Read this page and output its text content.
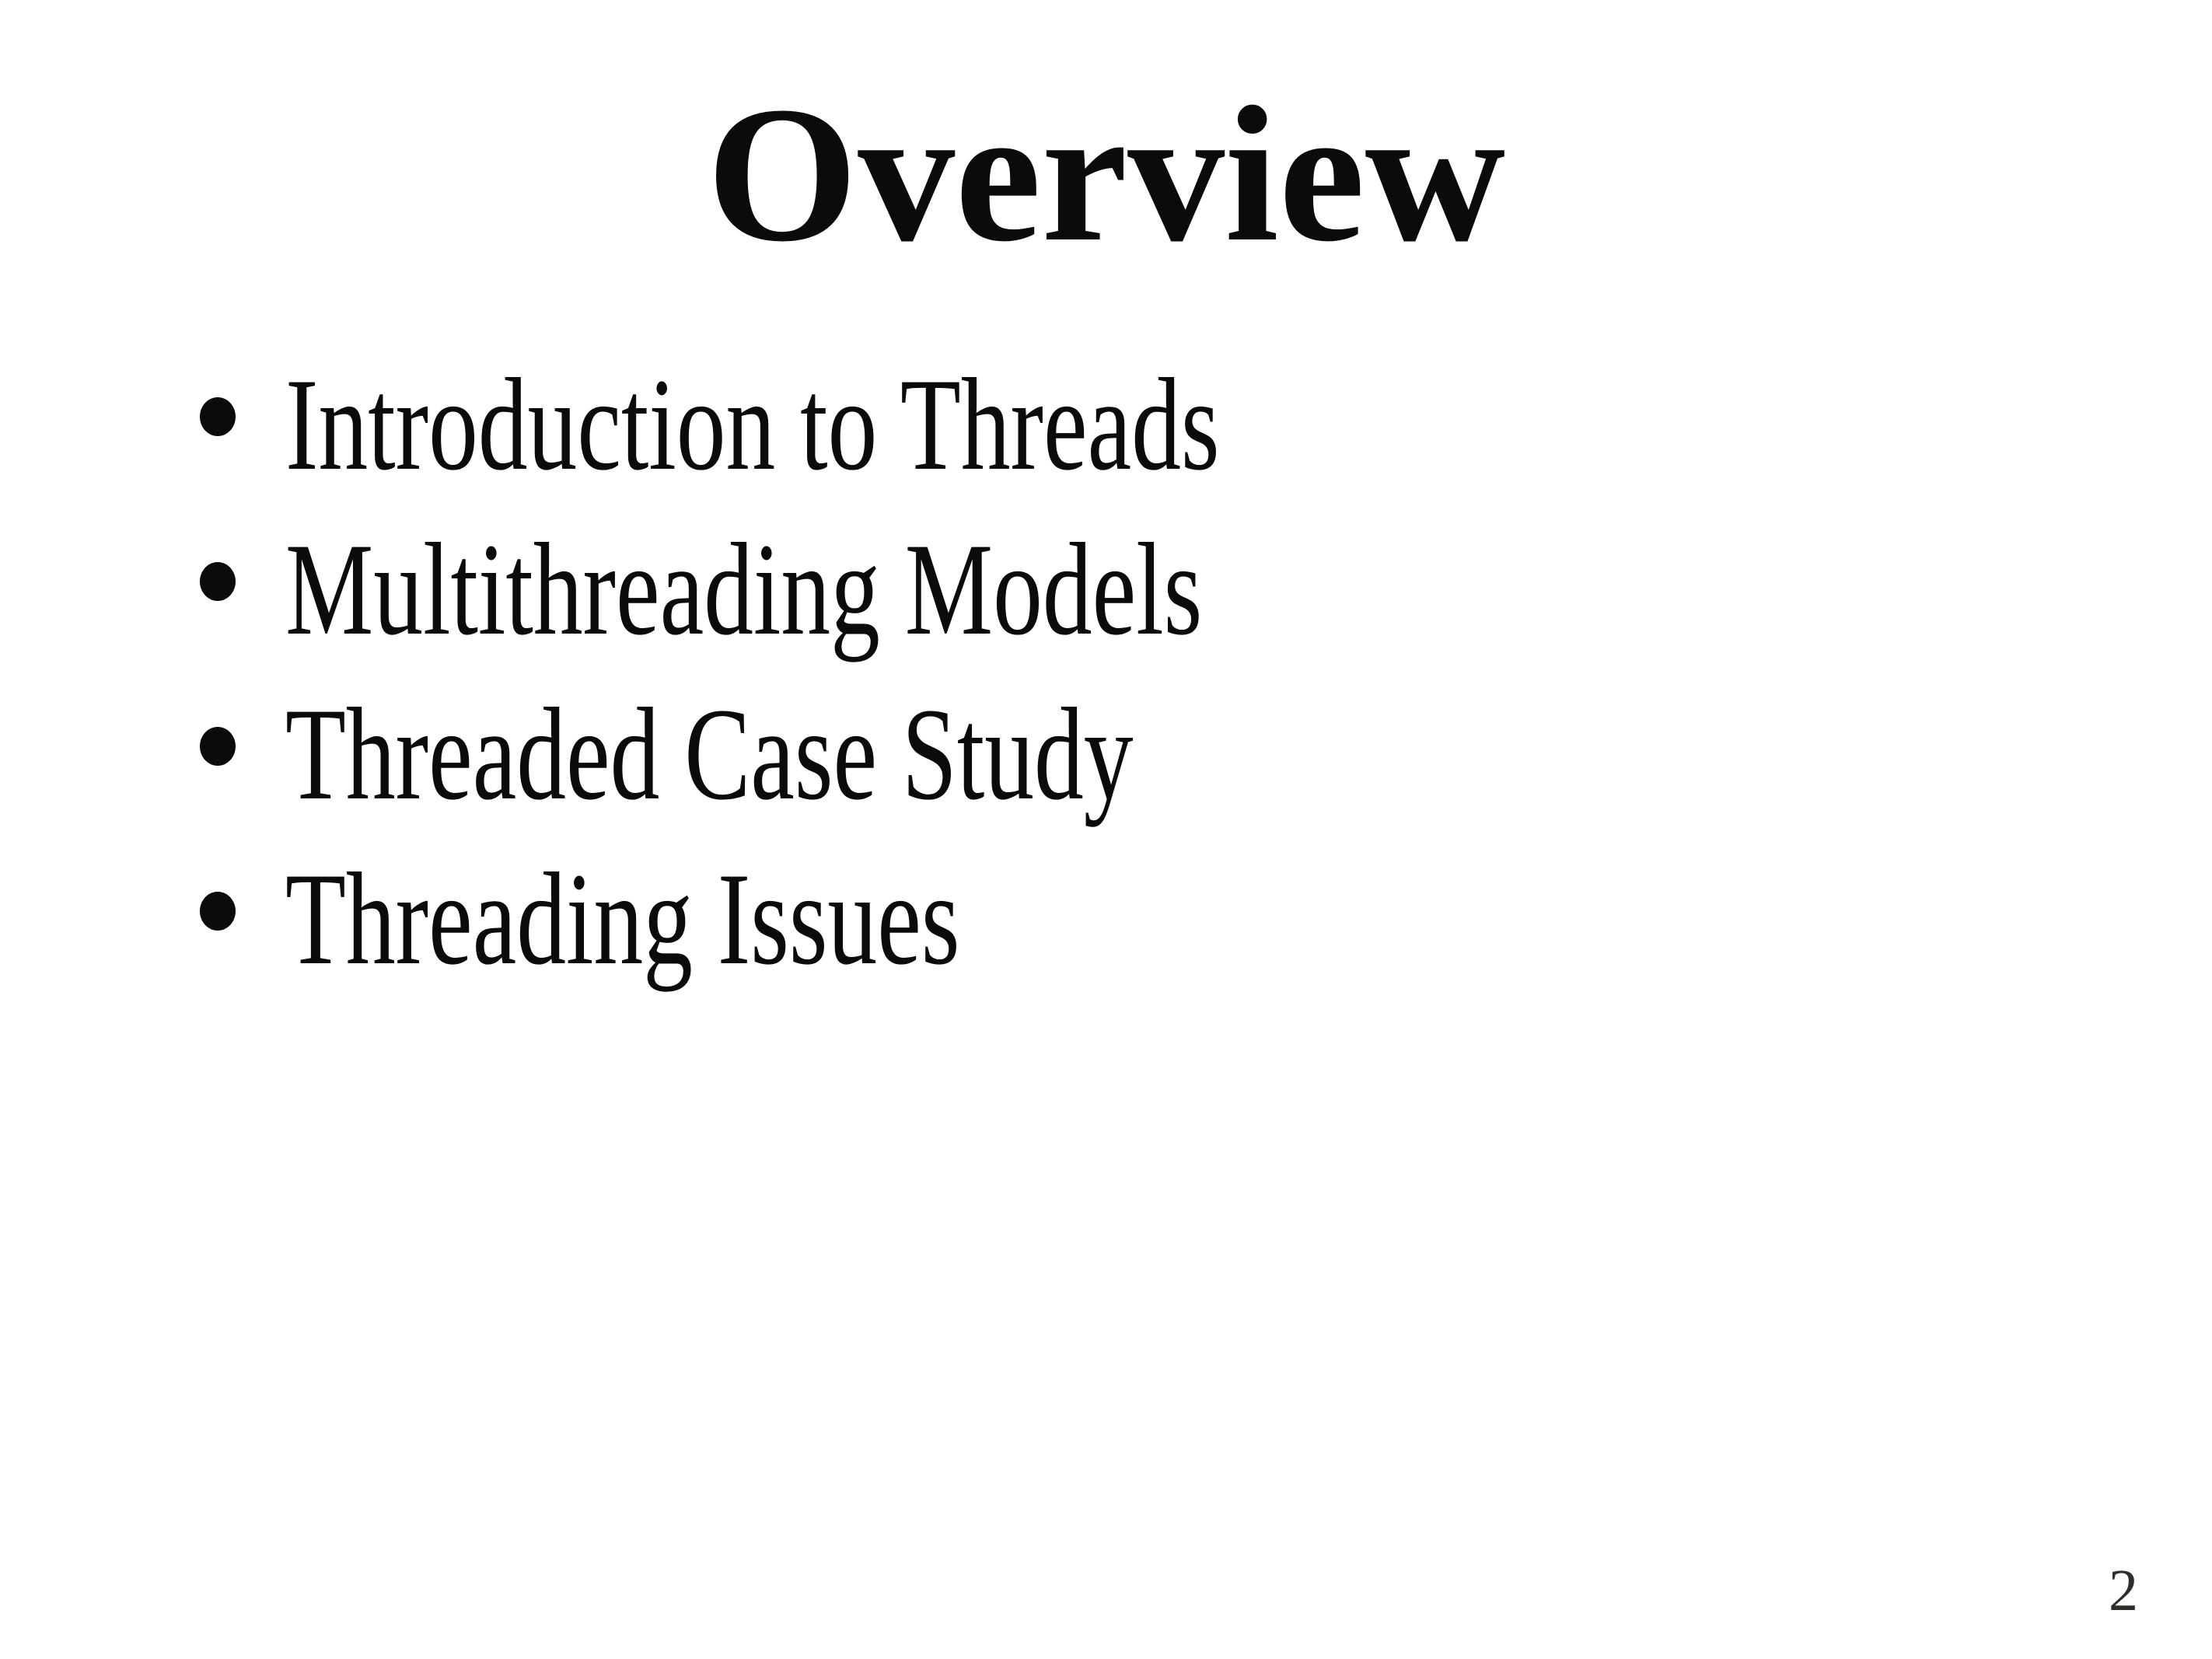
Overview
Introduction to Threads
Multithreading Models
Threaded Case Study
Threading Issues
2
